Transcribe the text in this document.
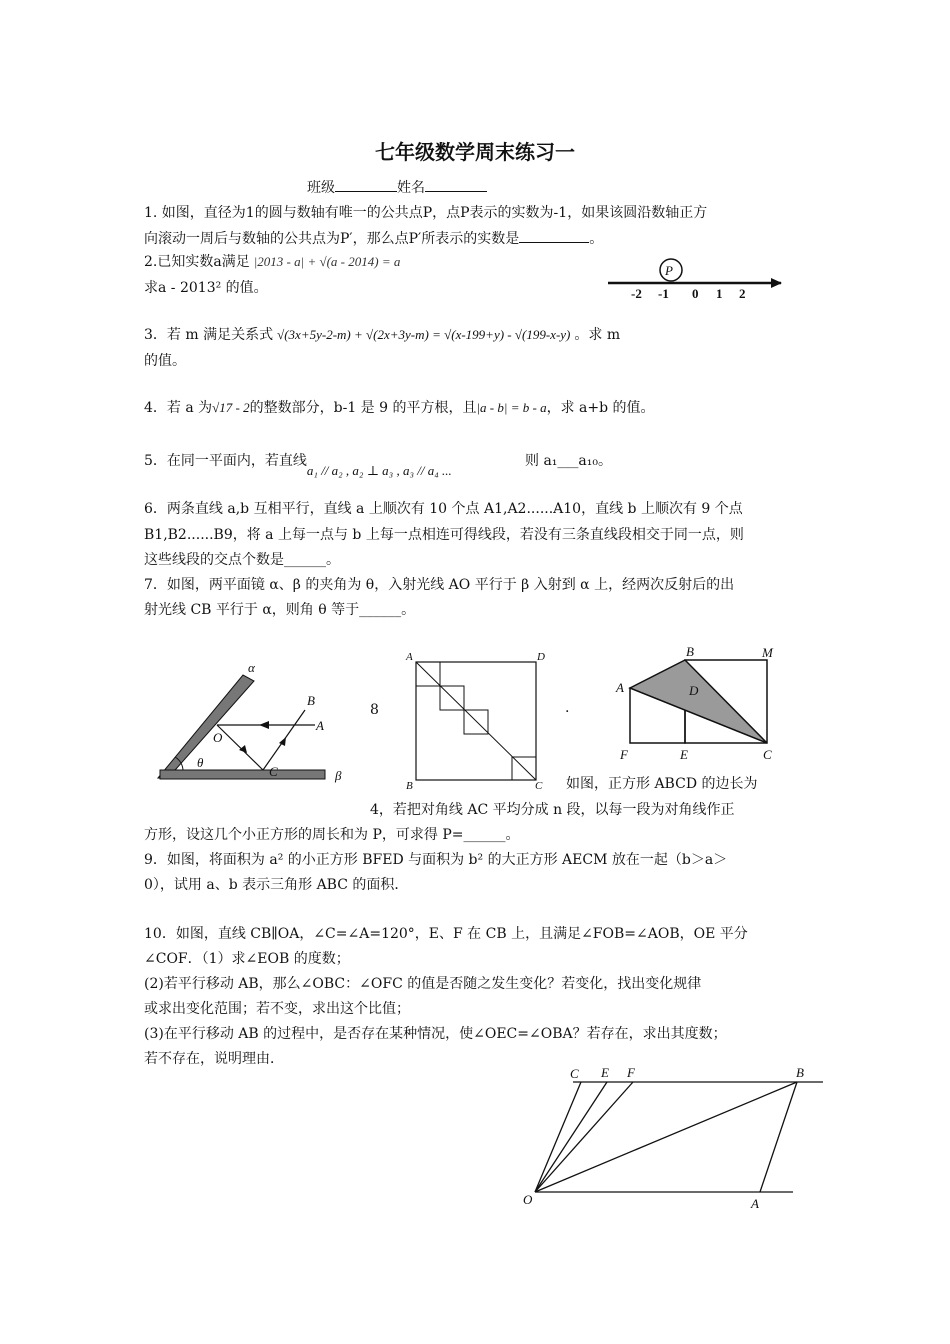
七年级数学周末练习一
班级	姓名
1. 如图，直径为1的圆与数轴有唯一的公共点P，点P表示的实数为-1，如果该圆沿数轴正方
向滚动一周后与数轴的公共点为P′，那么点P′所表示的实数是	。
2.已知实数a满足 |2013 - a| + √(a - 2014) = a
求a - 2013² 的值。
P
-2 -1 0 1 2
3．若 m 满足关系式 √(3x+5y-2-m) + √(2x+3y-m) = √(x-199+y) - √(199-x-y) 。求 m
的值。
4．若 a 为√17 - 2的整数部分，b-1 是 9 的平方根，且|a - b| = b - a，求 a+b 的值。
5．在同一平面内，若直线a₁ // a₂ , a₂ ⊥ a₃ , a₃ // a₄ ...
则 a₁___a₁₀。
6．两条直线 a,b 互相平行，直线 a 上顺次有 10 个点 A1,A2......A10，直线 b 上顺次有 9 个点
B1,B2......B9，将 a 上每一点与 b 上每一点相连可得线段，若没有三条直线段相交于同一点，则
这些线段的交点个数是______。
7．如图，两平面镜 α、β 的夹角为 θ，入射光线 AO 平行于 β 入射到 α 上，经两次反射后的出
射光线 CB 平行于 α，则角 θ 等于______。
α
β
θ
O
A
B
C
8
A	D
B	C
.
B	M
A	D
F	E	C
如图，正方形 ABCD 的边长为
4，若把对角线 AC 平均分成 n 段，以每一段为对角线作正
方形，设这几个小正方形的周长和为 P，可求得 P=______。
9．如图，将面积为 a² 的小正方形 BFED 与面积为 b² 的大正方形 AECM 放在一起（b＞a＞
0），试用 a、b 表示三角形 ABC 的面积．
10．如图，直线 CB∥OA，∠C=∠A=120°，E、F 在 CB 上，且满足∠FOB=∠AOB，OE 平分
∠COF．（1）求∠EOB 的度数；
(2)若平行移动 AB，那么∠OBC：∠OFC 的值是否随之发生变化？若变化，找出变化规律
或求出变化范围；若不变，求出这个比值；
(3)在平行移动 AB 的过程中，是否存在某种情况，使∠OEC=∠OBA？若存在，求出其度数；
若不存在，说明理由．
C E F	B
O	A
